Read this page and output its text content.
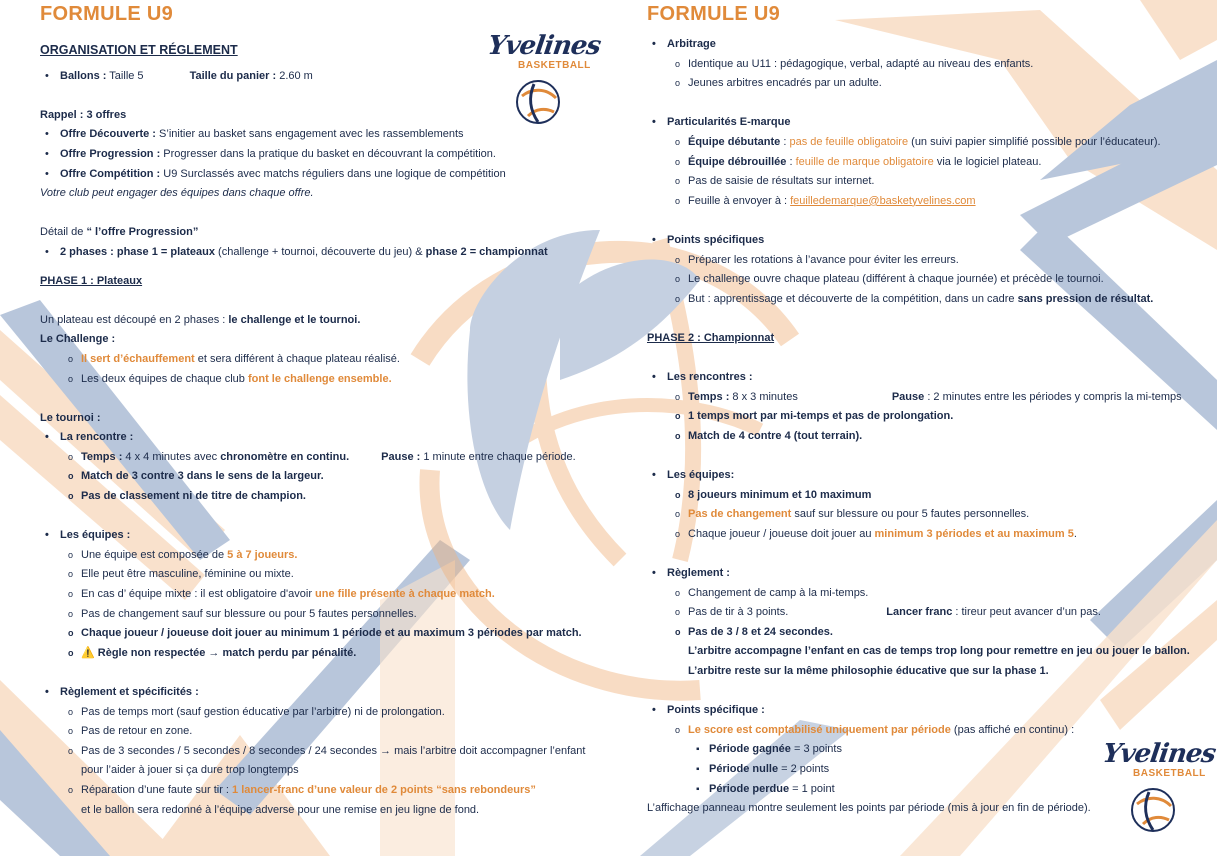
FORMULE U9
ORGANISATION ET RÉGLEMENT
• Ballons : Taille 5	Taille du panier : 2.60 m
Rappel : 3 offres
• Offre Découverte : S’initier au basket sans engagement avec les rassemblements
• Offre Progression : Progresser dans la pratique du basket en découvrant la compétition.
• Offre Compétition : U9 Surclassés avec matchs réguliers dans une logique de compétition
Votre club peut engager des équipes dans chaque offre.
Détail de “ l’offre Progression”
• 2 phases : phase 1 = plateaux (challenge + tournoi, découverte du jeu) & phase 2 = championnat
PHASE 1 : Plateaux
Un plateau est découpé en 2 phases : le challenge et le tournoi.
Le Challenge :
o Il sert d’échauffement et sera différent à chaque plateau réalisé.
o Les deux équipes de chaque club font le challenge ensemble.
Le tournoi :
• La rencontre :
o Temps : 4 x 4 minutes avec chronomètre en continu.	Pause : 1 minute entre chaque période.
o Match de 3 contre 3 dans le sens de la largeur.
o Pas de classement ni de titre de champion.
• Les équipes :
o Une équipe est composée de 5 à 7 joueurs.
o Elle peut être masculine, féminine ou mixte.
o En cas d’ équipe mixte : il est obligatoire d'avoir une fille présente à chaque match.
o Pas de changement sauf sur blessure ou pour 5 fautes personnelles.
o Chaque joueur / joueuse doit jouer au minimum 1 période et au maximum 3 périodes par match.
o ⚠️ Règle non respectée → match perdu par pénalité.
• Règlement et spécificités :
o Pas de temps mort (sauf gestion éducative par l’arbitre) ni de prolongation.
o Pas de retour en zone.
o Pas de 3 secondes / 5 secondes / 8 secondes / 24 secondes → mais l’arbitre doit accompagner l’enfant
pour l’aider à jouer si ça dure trop longtemps
o Réparation d’une faute sur tir : 1 lancer-franc d’une valeur de 2 points “sans rebondeurs”
et le ballon sera redonné à l’équipe adverse pour une remise en jeu ligne de fond.
FORMULE U9
• Arbitrage
o Identique au U11 : pédagogique, verbal, adapté au niveau des enfants.
o Jeunes arbitres encadrés par un adulte.
• Particularités E-marque
o Équipe débutante : pas de feuille obligatoire (un suivi papier simplifié possible pour l’éducateur).
o Équipe débrouillée : feuille de marque obligatoire via le logiciel plateau.
o Pas de saisie de résultats sur internet.
o Feuille à envoyer à : feuilledemarque@basketyvelines.com
• Points spécifiques
o Préparer les rotations à l’avance pour éviter les erreurs.
o Le challenge ouvre chaque plateau (différent à chaque journée) et précède le tournoi.
o But : apprentissage et découverte de la compétition, dans un cadre sans pression de résultat.
PHASE 2 : Championnat
• Les rencontres :
o Temps : 8 x 3 minutes	Pause : 2 minutes entre les périodes y compris la mi-temps
o 1 temps mort par mi-temps et pas de prolongation.
o Match de 4 contre 4 (tout terrain).
• Les équipes:
o 8 joueurs minimum et 10 maximum
o Pas de changement sauf sur blessure ou pour 5 fautes personnelles.
o Chaque joueur / joueuse doit jouer au minimum 3 périodes et au maximum 5.
• Règlement :
o Changement de camp à la mi-temps.
o Pas de tir à 3 points.	Lancer franc : tireur peut avancer d’un pas.
o Pas de 3 / 8 et 24 secondes.
L’arbitre accompagne l’enfant en cas de temps trop long pour remettre en jeu ou jouer le ballon.
L’arbitre reste sur la même philosophie éducative que sur la phase 1.
• Points spécifique :
o Le score est comptabilisé uniquement par période (pas affiché en continu) :
▪ Période gagnée = 3 points
▪ Période nulle = 2 points
▪ Période perdue = 1 point
L’affichage panneau montre seulement les points par période (mis à jour en fin de période).
Yvelines
BASKETBALL
Yvelines
BASKETBALL
